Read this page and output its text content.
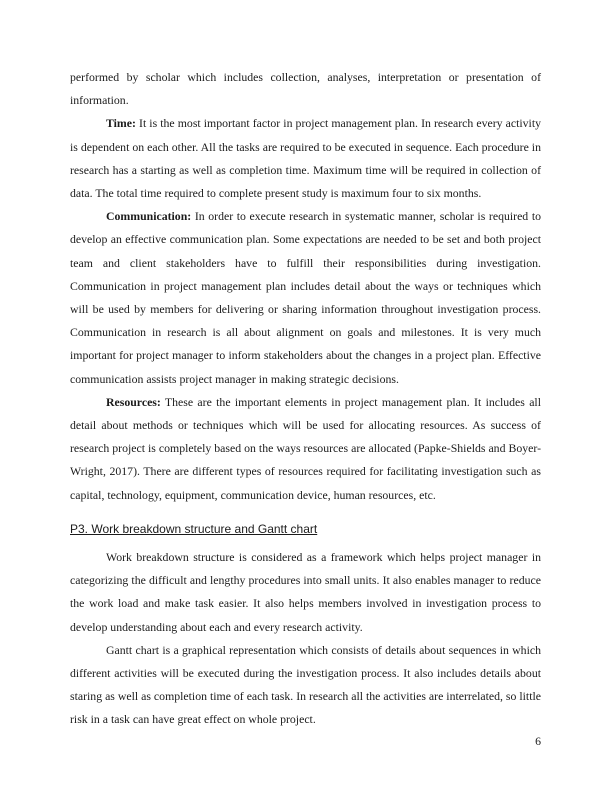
performed by scholar which includes collection, analyses, interpretation or presentation of information.

Time: It is the most important factor in project management plan. In research every activity is dependent on each other. All the tasks are required to be executed in sequence. Each procedure in research has a starting as well as completion time. Maximum time will be required in collection of data. The total time required to complete present study is maximum four to six months.

Communication: In order to execute research in systematic manner, scholar is required to develop an effective communication plan. Some expectations are needed to be set and both project team and client stakeholders have to fulfill their responsibilities during investigation. Communication in project management plan includes detail about the ways or techniques which will be used by members for delivering or sharing information throughout investigation process. Communication in research is all about alignment on goals and milestones. It is very much important for project manager to inform stakeholders about the changes in a project plan. Effective communication assists project manager in making strategic decisions.

Resources: These are the important elements in project management plan. It includes all detail about methods or techniques which will be used for allocating resources. As success of research project is completely based on the ways resources are allocated (Papke-Shields and Boyer-Wright, 2017). There are different types of resources required for facilitating investigation such as capital, technology, equipment, communication device, human resources, etc.

P3. Work breakdown structure and Gantt chart

Work breakdown structure is considered as a framework which helps project manager in categorizing the difficult and lengthy procedures into small units. It also enables manager to reduce the work load and make task easier. It also helps members involved in investigation process to develop understanding about each and every research activity.

Gantt chart is a graphical representation which consists of details about sequences in which different activities will be executed during the investigation process. It also includes details about staring as well as completion time of each task. In research all the activities are interrelated, so little risk in a task can have great effect on whole project.

6
